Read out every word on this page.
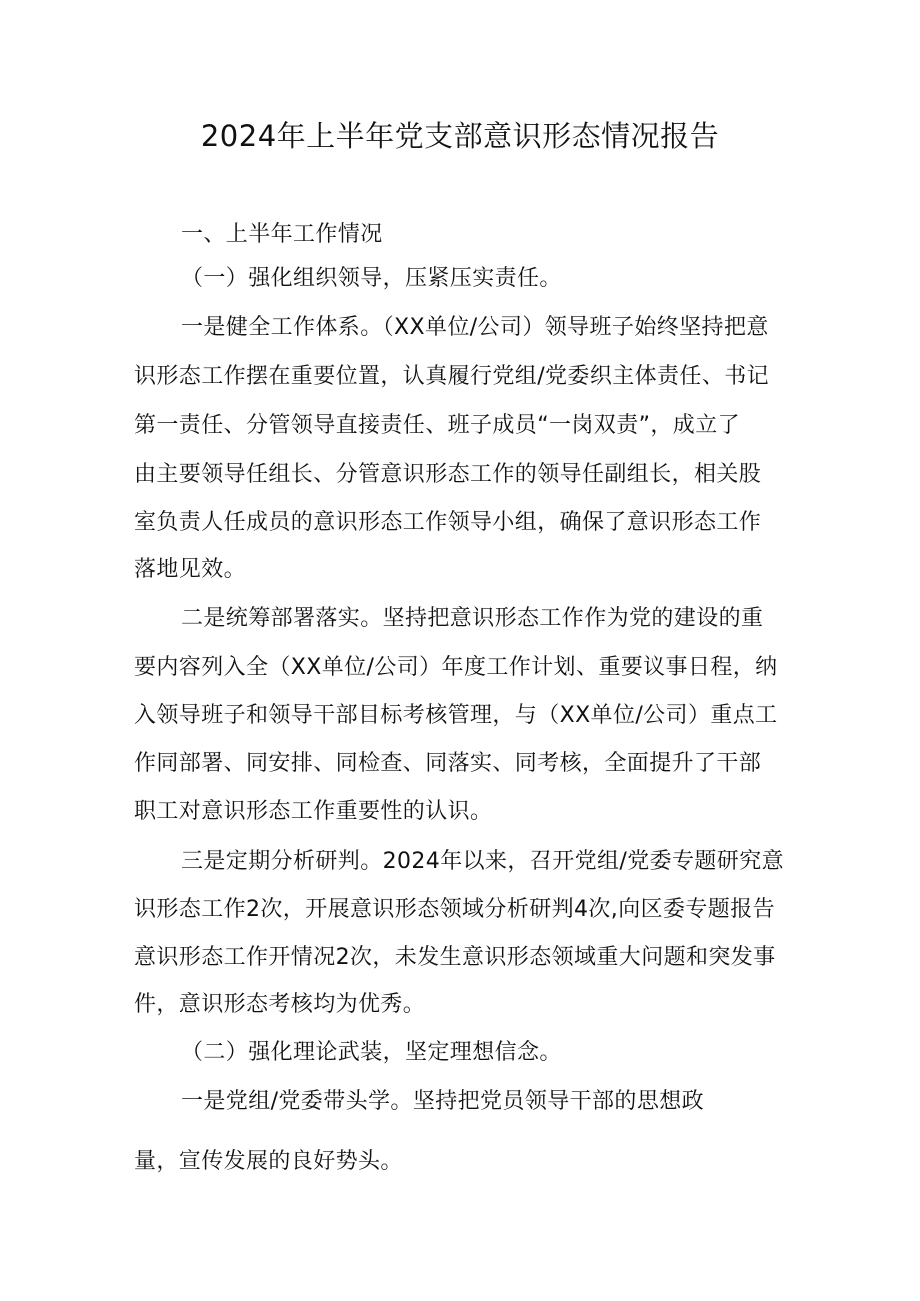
2024年上半年党支部意识形态情况报告

一、上半年工作情况

（一）强化组织领导，压紧压实责任。

一是健全工作体系。（XX单位/公司）领导班子始终坚持把意

识形态工作摆在重要位置，认真履行党组/党委织主体责任、书记

第一责任、分管领导直接责任、班子成员“一岗双责”，成立了

由主要领导任组长、分管意识形态工作的领导任副组长，相关股

室负责人任成员的意识形态工作领导小组，确保了意识形态工作

落地见效。

二是统筹部署落实。坚持把意识形态工作作为党的建设的重

要内容列入全（XX单位/公司）年度工作计划、重要议事日程，纳

入领导班子和领导干部目标考核管理，与（XX单位/公司）重点工

作同部署、同安排、同检查、同落实、同考核，全面提升了干部

职工对意识形态工作重要性的认识。

三是定期分析研判。2024年以来，召开党组/党委专题研究意

识形态工作2次，开展意识形态领域分析研判4次,向区委专题报告

意识形态工作开情况2次，未发生意识形态领域重大问题和突发事

件，意识形态考核均为优秀。

（二）强化理论武装，坚定理想信念。

一是党组/党委带头学。坚持把党员领导干部的思想政

量，宣传发展的良好势头。
